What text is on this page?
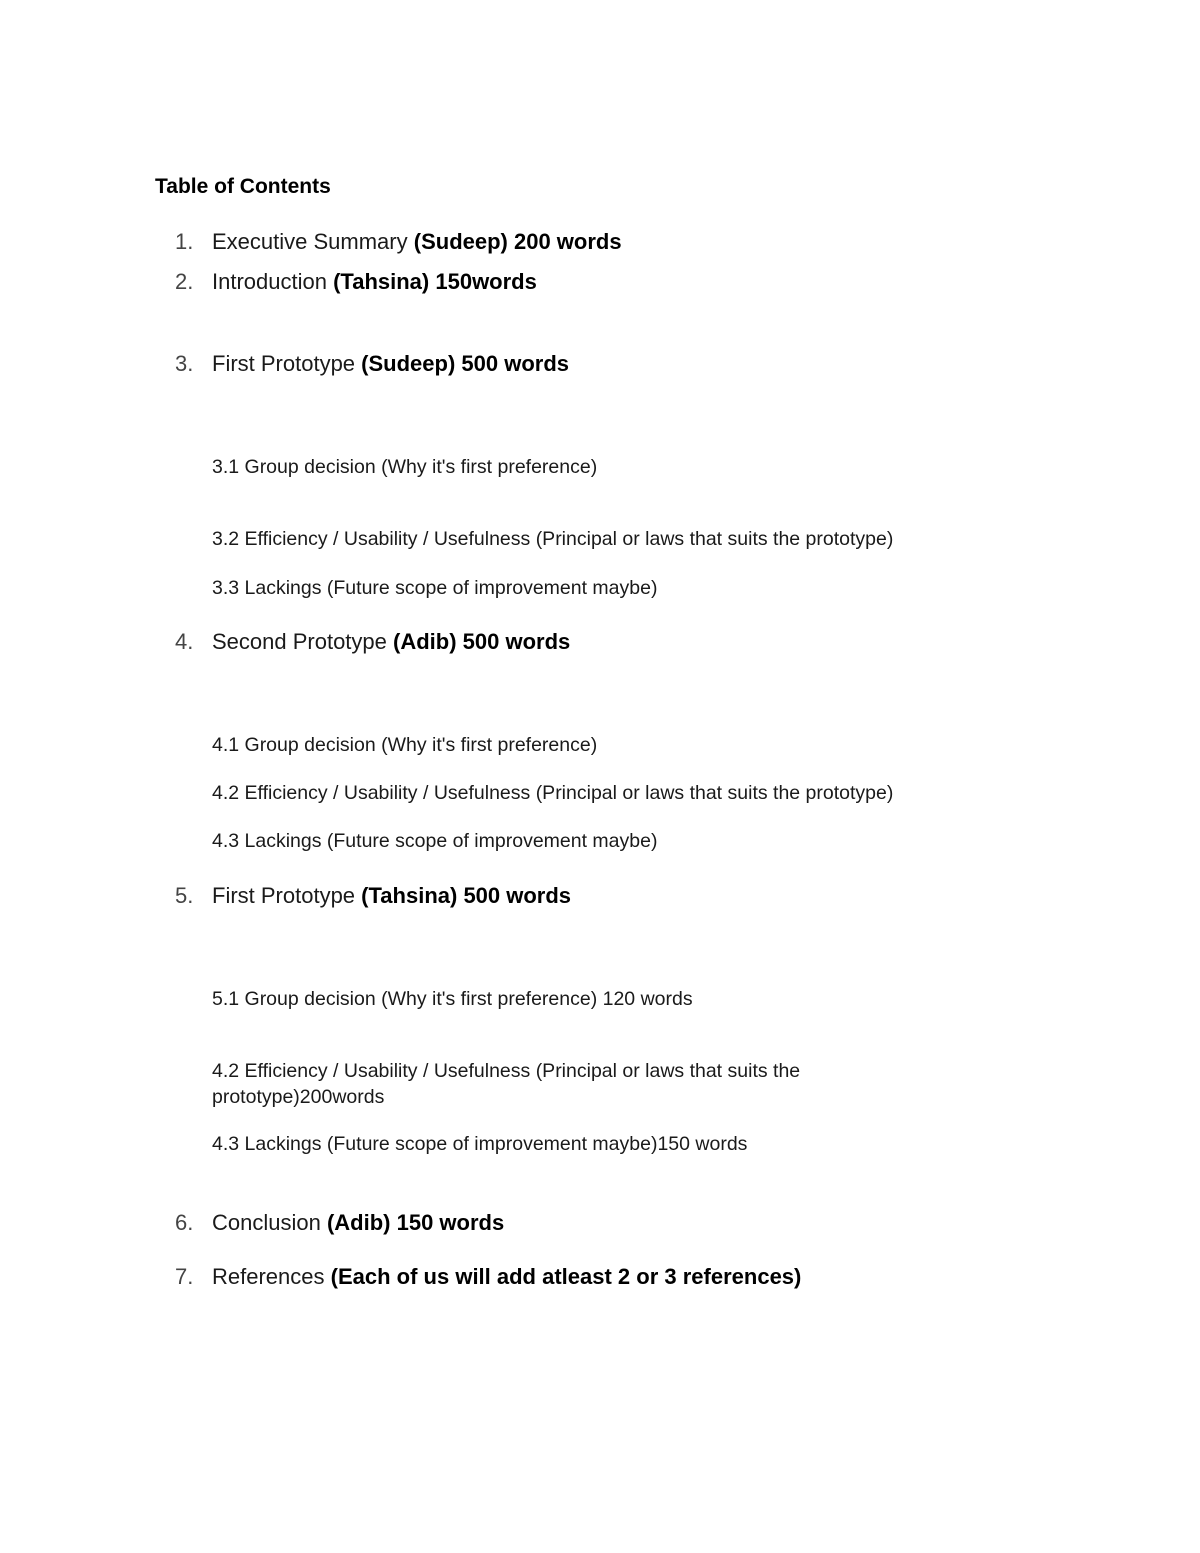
Table of Contents
1. Executive Summary (Sudeep) 200 words
2. Introduction (Tahsina) 150words
3. First Prototype (Sudeep) 500 words
3.1 Group decision (Why it's first preference)
3.2 Efficiency / Usability / Usefulness (Principal or laws that suits the prototype)
3.3 Lackings (Future scope of improvement maybe)
4. Second Prototype (Adib) 500 words
4.1 Group decision (Why it's first preference)
4.2 Efficiency / Usability / Usefulness (Principal or laws that suits the prototype)
4.3 Lackings (Future scope of improvement maybe)
5. First Prototype (Tahsina) 500 words
5.1 Group decision (Why it's first preference) 120 words
4.2 Efficiency / Usability / Usefulness (Principal or laws that suits the
prototype)200words
4.3 Lackings (Future scope of improvement maybe)150 words
6. Conclusion (Adib) 150 words
7. References (Each of us will add atleast 2 or 3 references)
